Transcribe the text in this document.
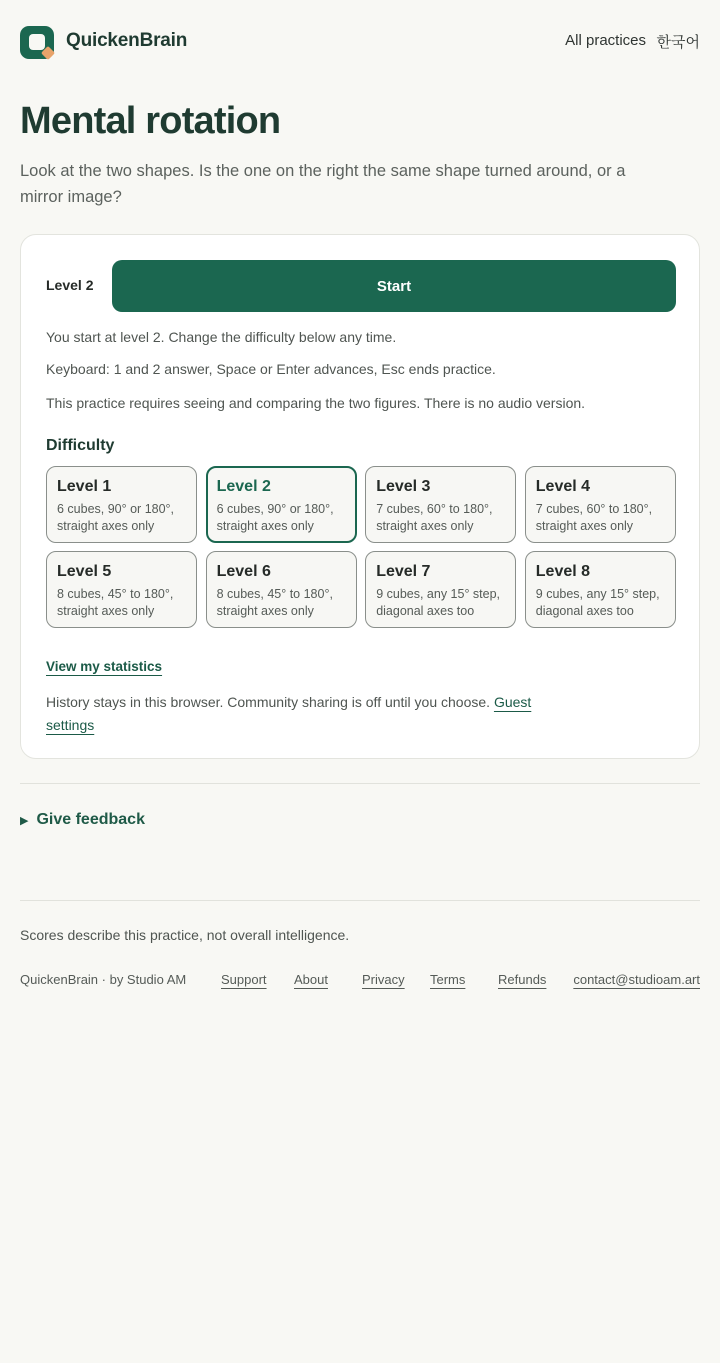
QuickenBrain	All practices 한국어
Mental rotation

Look at the two shapes. Is the one on the right the same shape turned around, or a mirror image?

Level 2	Start

You start at level 2. Change the difficulty below any time.

Keyboard: 1 and 2 answer, Space or Enter advances, Esc ends practice.

This practice requires seeing and comparing the two figures. There is no audio version.

Difficulty
Level 1
6 cubes, 90° or 180°, straight axes only
Level 2
6 cubes, 90° or 180°, straight axes only
Level 3
7 cubes, 60° to 180°, straight axes only
Level 4
7 cubes, 60° to 180°, straight axes only
Level 5
8 cubes, 45° to 180°, straight axes only
Level 6
8 cubes, 45° to 180°, straight axes only
Level 7
9 cubes, any 15° step, diagonal axes too
Level 8
9 cubes, any 15° step, diagonal axes too
View my statistics

History stays in this browser. Community sharing is off until you choose. Guest settings

▶ Give feedback

Scores describe this practice, not overall intelligence.

QuickenBrain · by Studio AM	Support About	Privacy Terms	Refunds contact@studioam.art
